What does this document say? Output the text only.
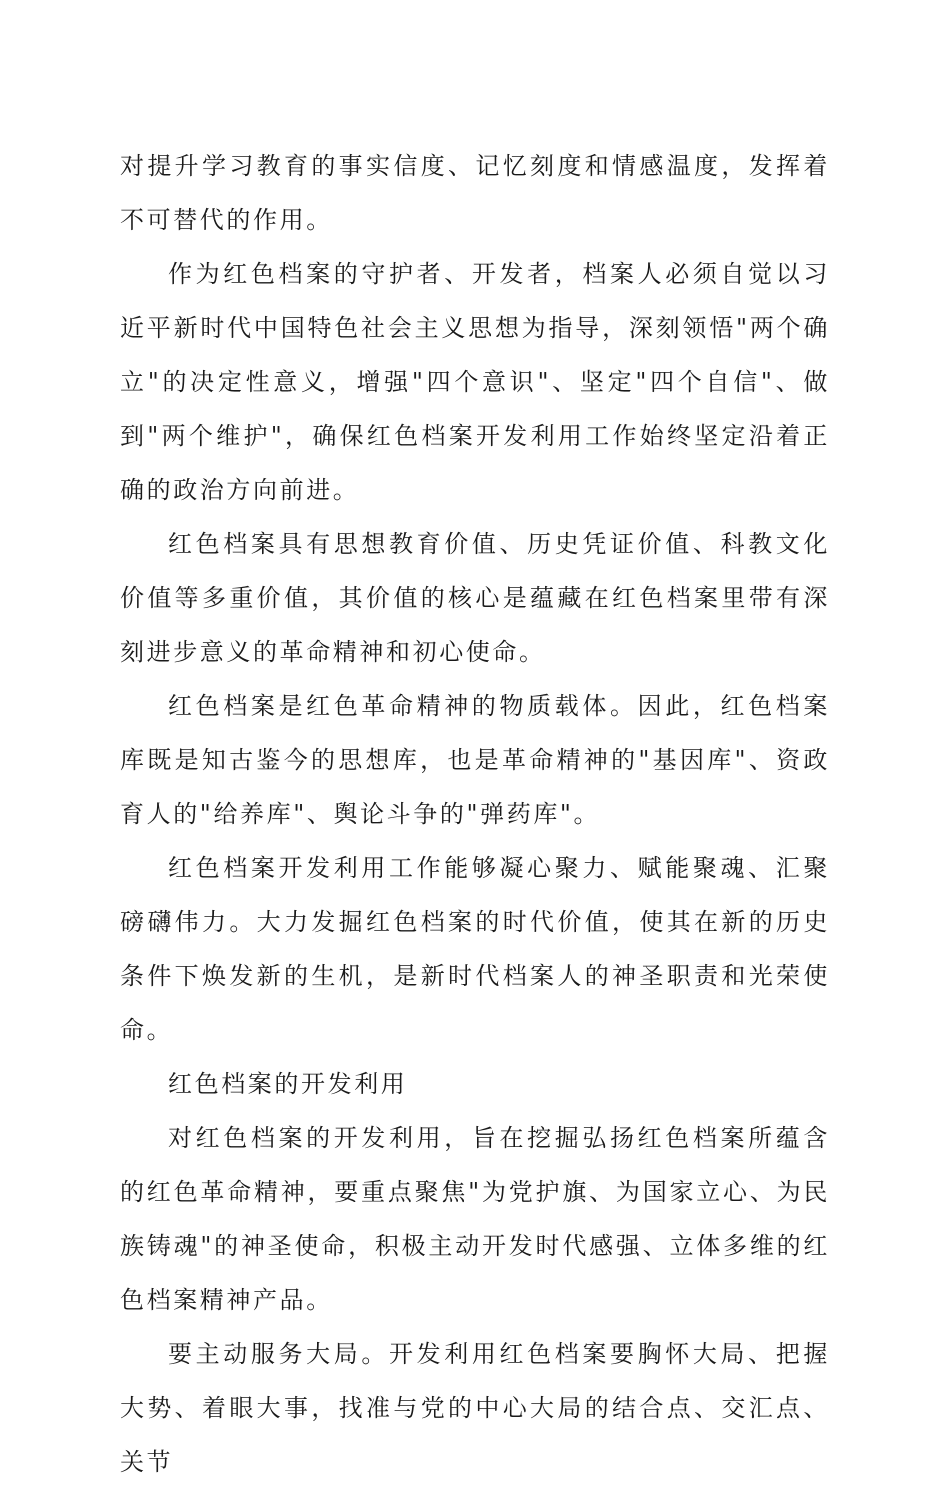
对提升学习教育的事实信度、记忆刻度和情感温度，发挥着不可替代的作用。

作为红色档案的守护者、开发者，档案人必须自觉以习近平新时代中国特色社会主义思想为指导，深刻领悟"两个确立"的决定性意义，增强"四个意识"、坚定"四个自信"、做到"两个维护"，确保红色档案开发利用工作始终坚定沿着正确的政治方向前进。

红色档案具有思想教育价值、历史凭证价值、科教文化价值等多重价值，其价值的核心是蕴藏在红色档案里带有深刻进步意义的革命精神和初心使命。

红色档案是红色革命精神的物质载体。因此，红色档案库既是知古鉴今的思想库，也是革命精神的"基因库"、资政育人的"给养库"、舆论斗争的"弹药库"。

红色档案开发利用工作能够凝心聚力、赋能聚魂、汇聚磅礴伟力。大力发掘红色档案的时代价值，使其在新的历史条件下焕发新的生机，是新时代档案人的神圣职责和光荣使命。

红色档案的开发利用

对红色档案的开发利用，旨在挖掘弘扬红色档案所蕴含的红色革命精神，要重点聚焦"为党护旗、为国家立心、为民族铸魂"的神圣使命，积极主动开发时代感强、立体多维的红色档案精神产品。

要主动服务大局。开发利用红色档案要胸怀大局、把握大势、着眼大事，找准与党的中心大局的结合点、交汇点、关节
